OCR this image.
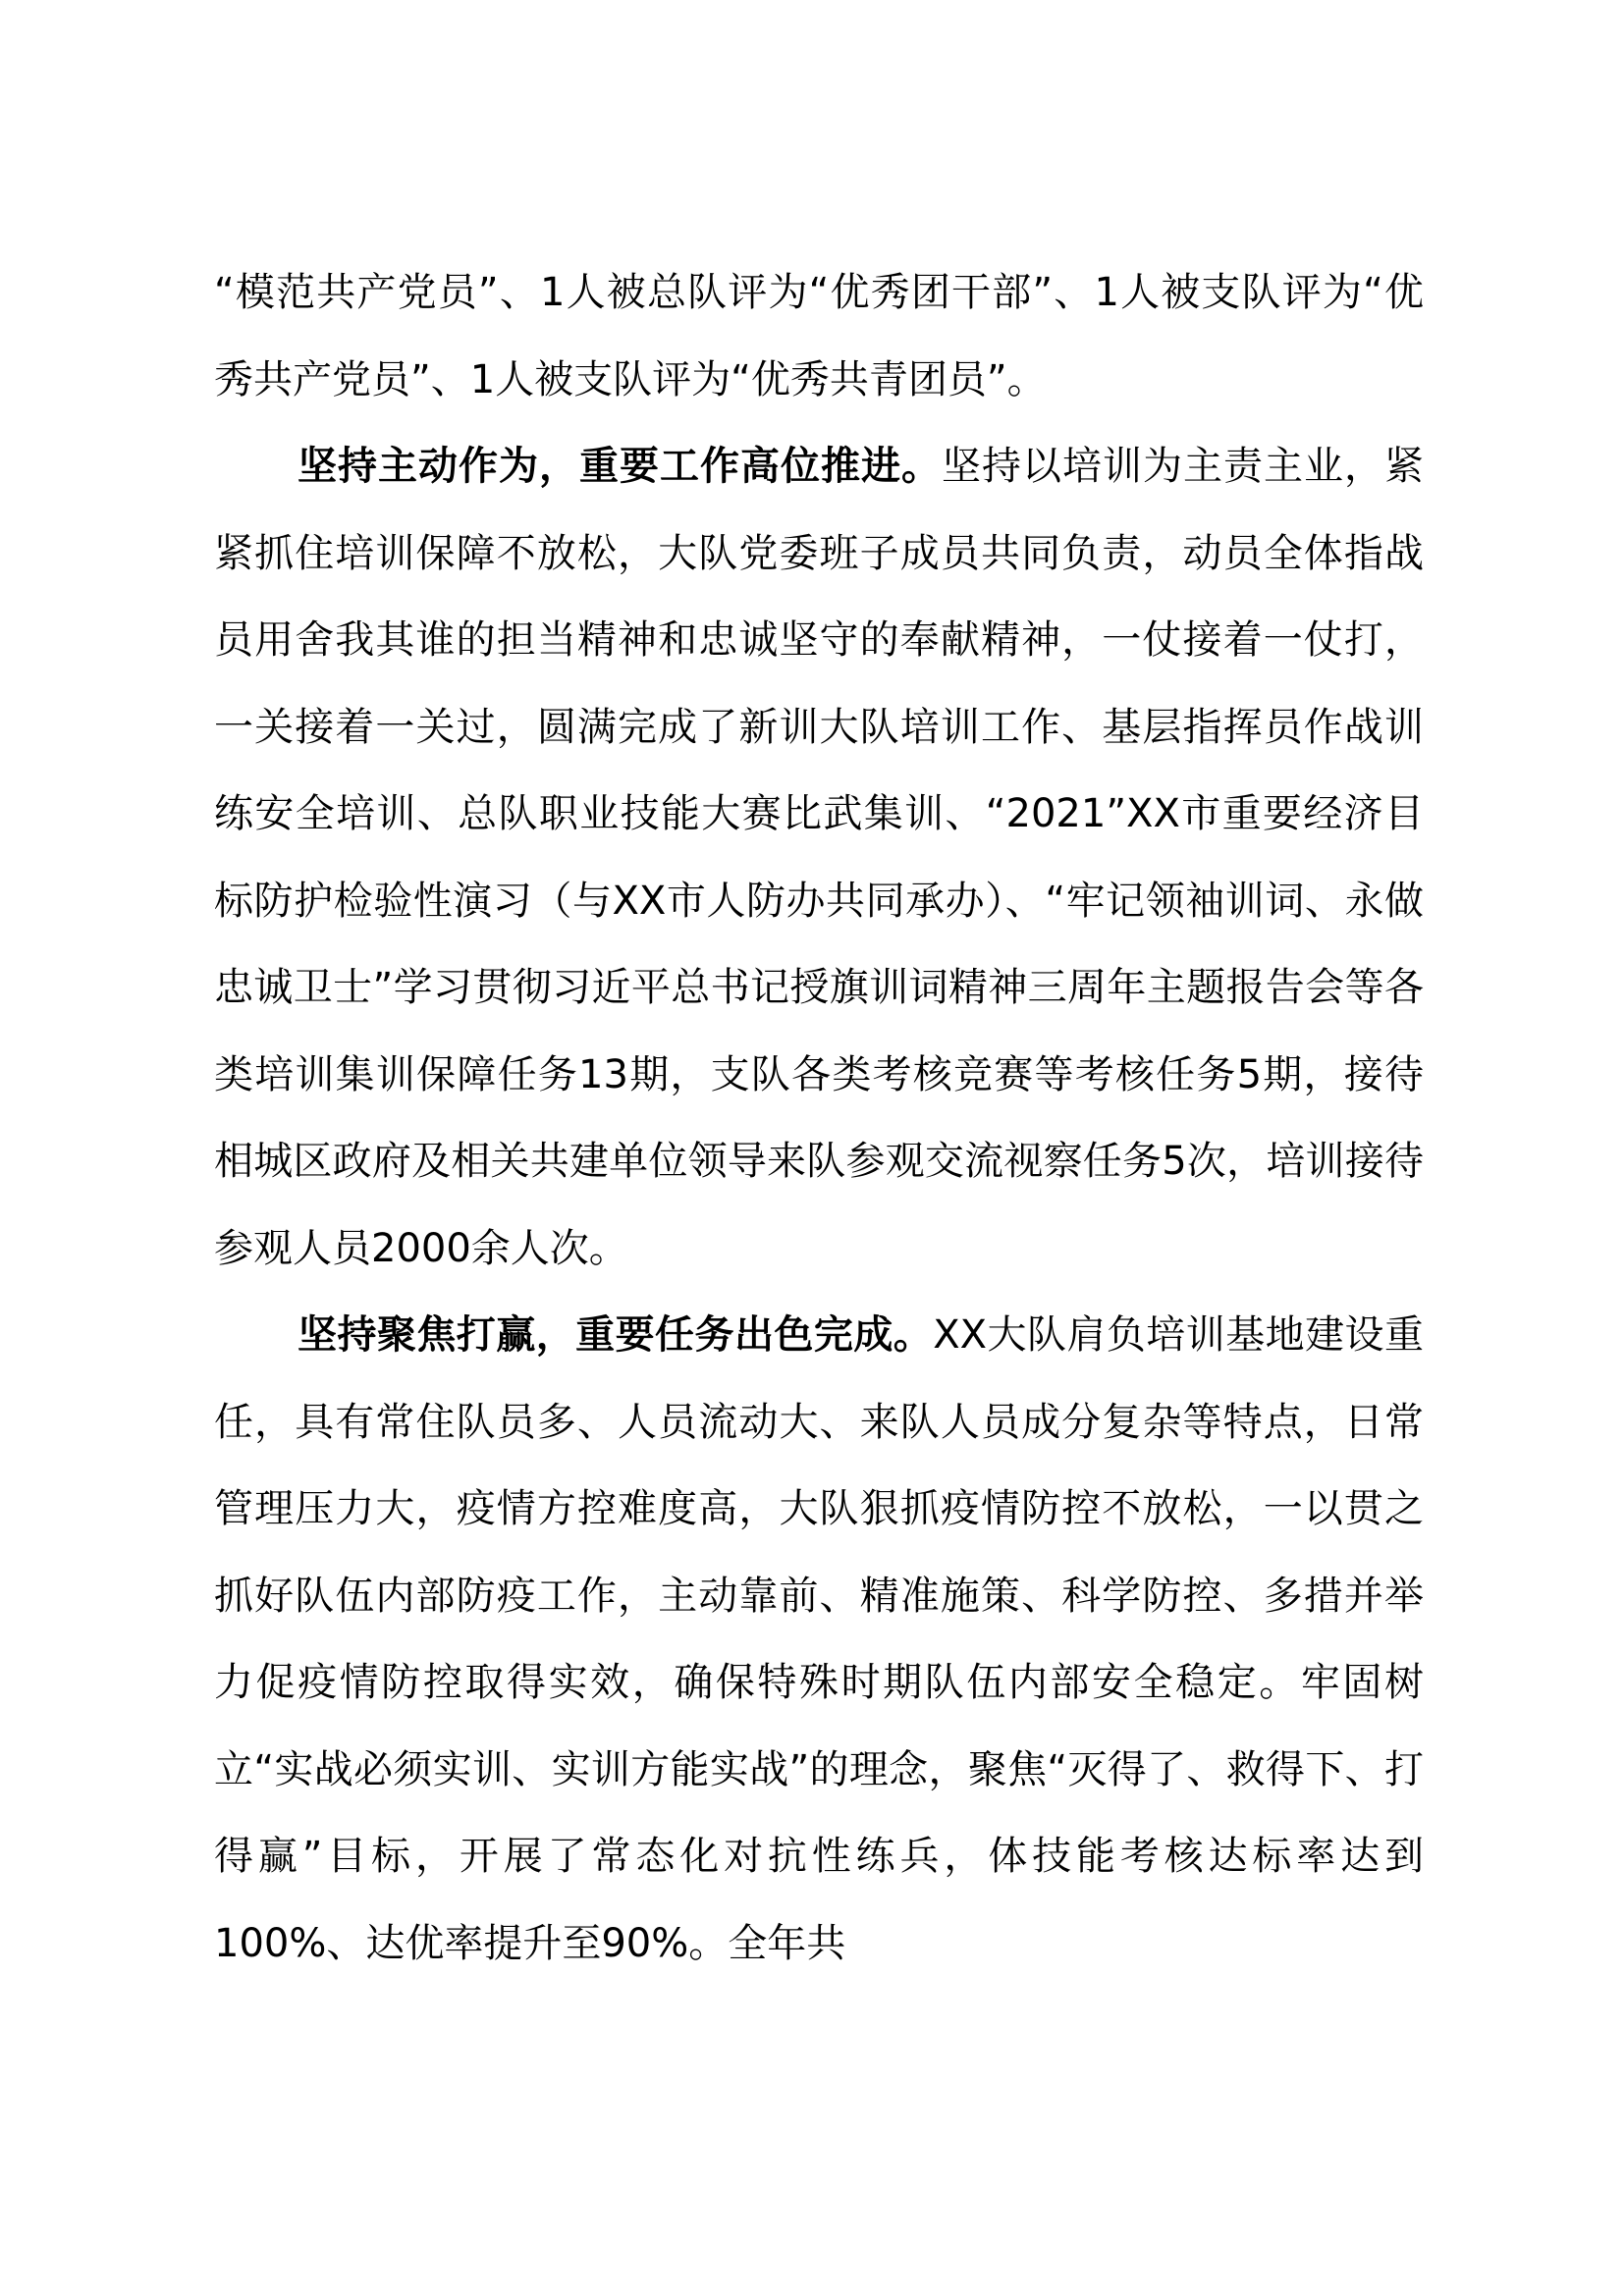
“模范共产党员”、1人被总队评为“优秀团干部”、1人被支队评为“优秀共产党员”、1人被支队评为“优秀共青团员”。

坚持主动作为，重要工作高位推进。坚持以培训为主责主业，紧紧抓住培训保障不放松，大队党委班子成员共同负责，动员全体指战员用舍我其谁的担当精神和忠诚坚守的奉献精神，一仗接着一仗打，一关接着一关过，圆满完成了新训大队培训工作、基层指挥员作战训练安全培训、总队职业技能大赛比武集训、“2021”XX市重要经济目标防护检验性演习（与XX市人防办共同承办）、“牢记领袖训词、永做忠诚卫士”学习贯彻习近平总书记授旗训词精神三周年主题报告会等各类培训集训保障任务13期，支队各类考核竞赛等考核任务5期，接待相城区政府及相关共建单位领导来队参观交流视察任务5次，培训接待参观人员2000余人次。

坚持聚焦打赢，重要任务出色完成。XX大队肩负培训基地建设重任，具有常住队员多、人员流动大、来队人员成分复杂等特点，日常管理压力大，疫情方控难度高，大队狠抓疫情防控不放松，一以贯之抓好队伍内部防疫工作，主动靠前、精准施策、科学防控、多措并举力促疫情防控取得实效，确保特殊时期队伍内部安全稳定。牢固树立“实战必须实训、实训方能实战”的理念，聚焦“灭得了、救得下、打得赢”目标，开展了常态化对抗性练兵，体技能考核达标率达到100%、达优率提升至90%。全年共
